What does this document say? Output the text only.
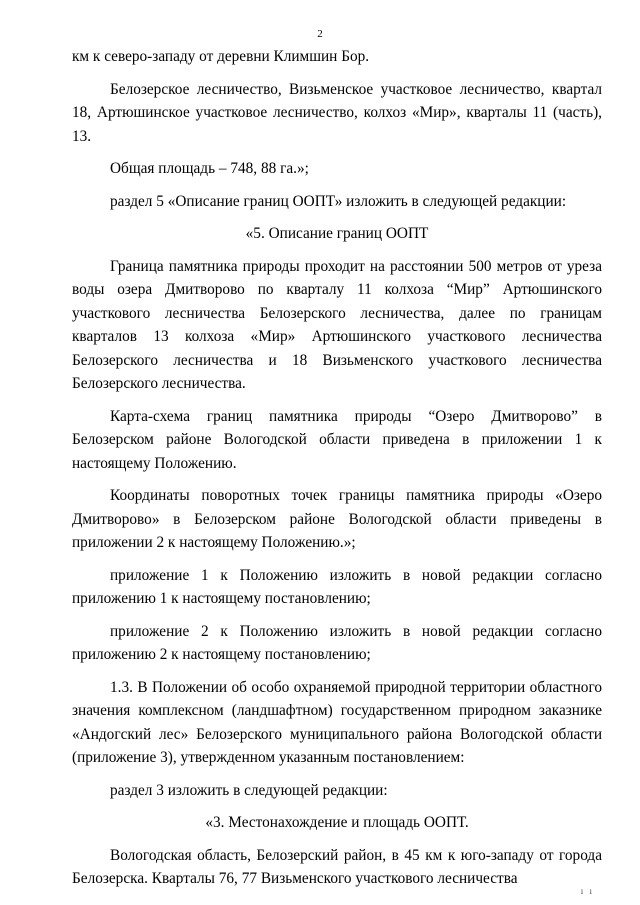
2

км к северо-западу от деревни Климшин Бор.

Белозерское лесничество, Визьменское участковое лесничество, квартал 18, Артюшинское участковое лесничество, колхоз «Мир», кварталы 11 (часть), 13.

Общая площадь – 748, 88 га.»;

раздел 5 «Описание границ ООПТ» изложить в следующей редакции:

«5. Описание границ ООПТ

Граница памятника природы проходит на расстоянии 500 метров от уреза воды озера Дмитворово по кварталу 11 колхоза “Мир” Артюшинского участкового лесничества Белозерского лесничества, далее по границам кварталов 13 колхоза «Мир» Артюшинского участкового лесничества Белозерского лесничества и 18 Визьменского участкового лесничества Белозерского лесничества.

Карта-схема границ памятника природы “Озеро Дмитворово” в Белозерском районе Вологодской области приведена в приложении 1 к настоящему Положению.

Координаты поворотных точек границы памятника природы «Озеро Дмитворово» в Белозерском районе Вологодской области приведены в приложении 2 к настоящему Положению.»;

приложение 1 к Положению изложить в новой редакции согласно приложению 1 к настоящему постановлению;

приложение 2 к Положению изложить в новой редакции согласно приложению 2 к настоящему постановлению;

1.3. В Положении об особо охраняемой природной территории областного значения комплексном (ландшафтном) государственном природном заказнике «Андогский лес» Белозерского муниципального района Вологодской области (приложение 3), утвержденном указанным постановлением:

раздел 3 изложить в следующей редакции:

«3. Местонахождение и площадь ООПТ.

Вологодская область, Белозерский район, в 45 км к юго-западу от города Белозерска. Кварталы 76, 77 Визьменского участкового лесничества

ı ı
